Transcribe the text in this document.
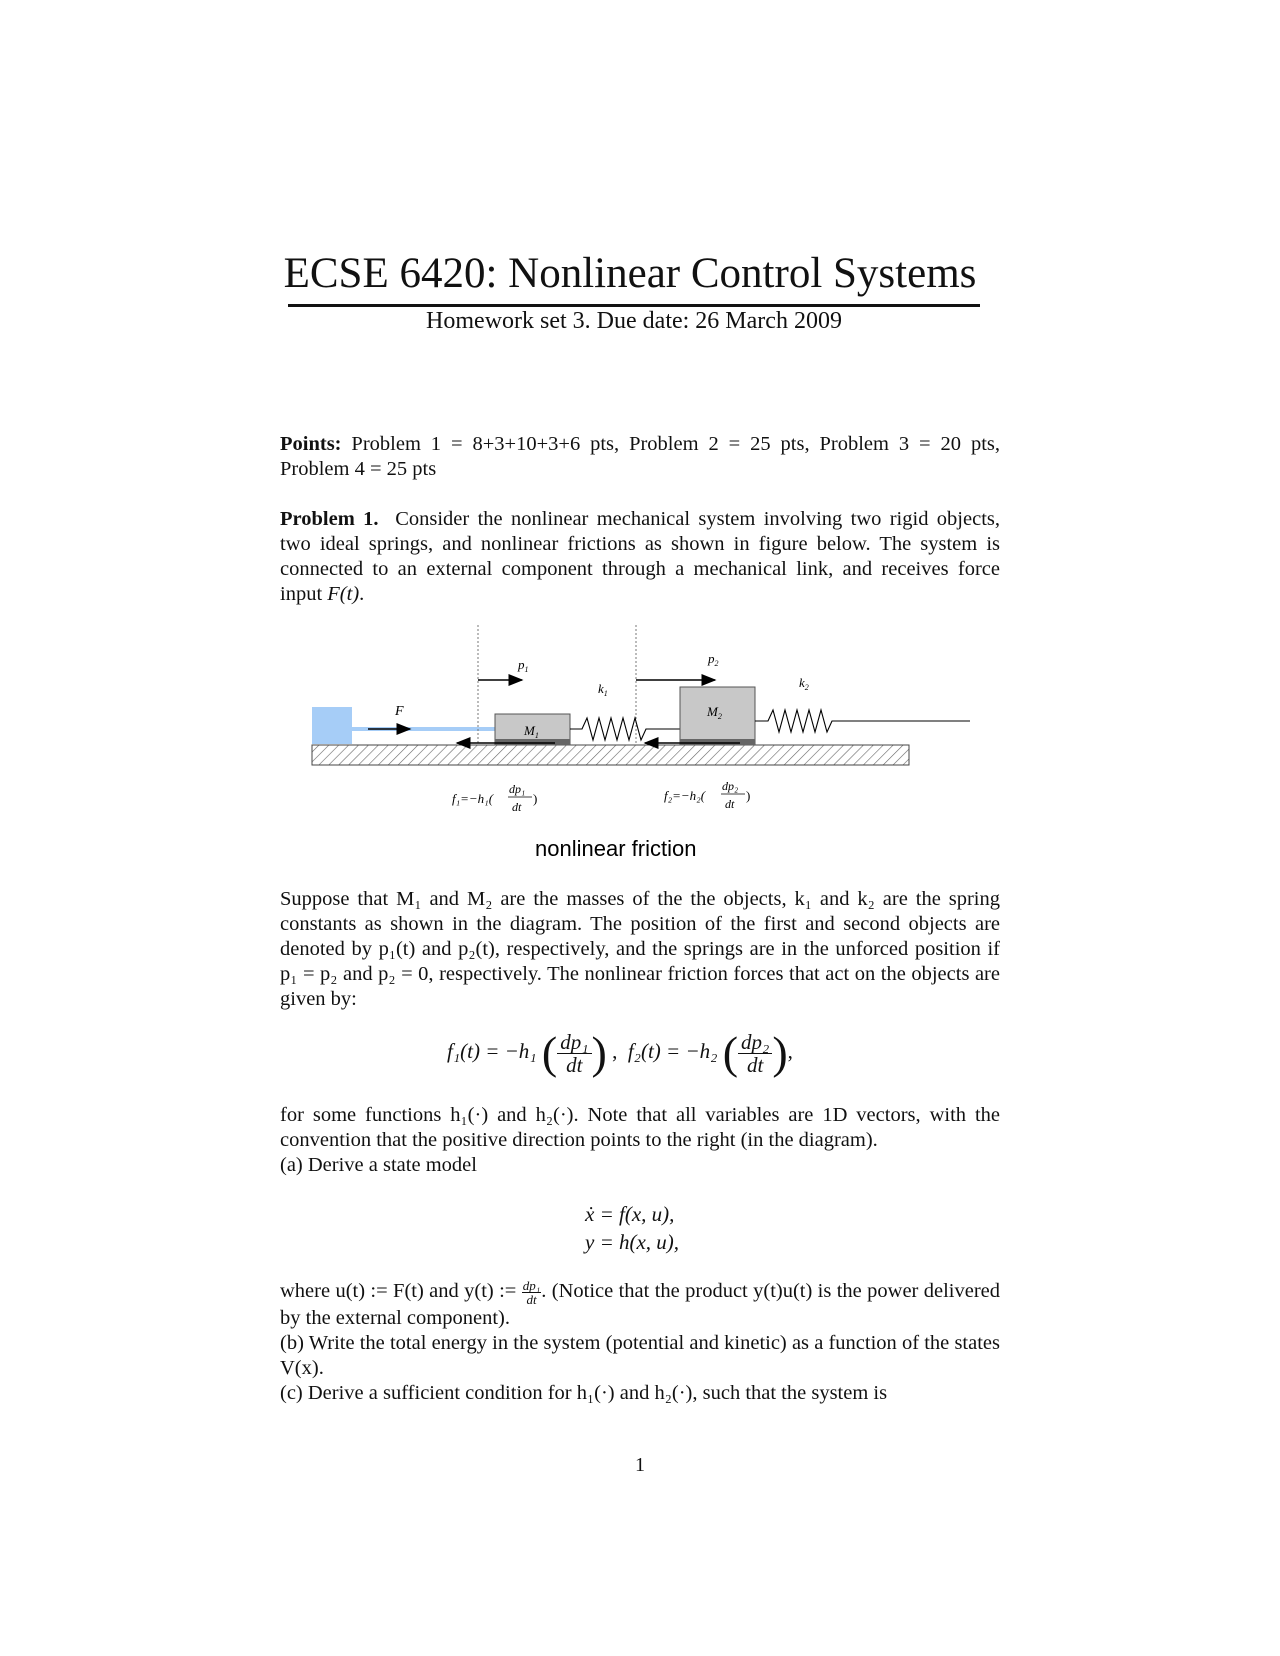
ECSE 6420: Nonlinear Control Systems
Homework set 3. Due date: 26 March 2009

Points: Problem 1 = 8+3+10+3+6 pts, Problem 2 = 25 pts, Problem 3 = 20 pts, Problem 4 = 25 pts

Problem 1. Consider the nonlinear mechanical system involving two rigid objects, two ideal springs, and nonlinear frictions as shown in figure below. The system is connected to an external component through a mechanical link, and receives force input F(t).

F
$p_1$
$p_2$
$M_1$
$k_1$
$M_2$
$k_2$
f₁=−h₁(
dp₁
dt
)	f₂=−h₂(
dp₂
dt
)
nonlinear friction

Suppose that M₁ and M₂ are the masses of the the objects, k₁ and k₂ are the spring constants as shown in the diagram. The position of the first and second objects are denoted by p₁(t) and p₂(t), respectively, and the springs are in the unforced position if p₁ = p₂ and p₂ = 0, respectively. The nonlinear friction forces that act on the objects are given by:

f₁(t) = −h₁ ( $\frac{\text{dp₁}}{dt}$ ) , f₂(t) = −h₂ ( $\frac{\text{dp₂}}{dt}$ ),

for some functions h₁(·) and h₂(·). Note that all variables are 1D vectors, with the convention that the positive direction points to the right (in the diagram).
(a) Derive a state model

ẋ = f(x, u),
y = h(x, u),

where u(t) := F(t) and y(t) := $\frac{\text{dp₁}}{dt}$ . (Notice that the product y(t)u(t) is the power delivered by the external component).
(b) Write the total energy in the system (potential and kinetic) as a function of the states V(x).
(c) Derive a sufficient condition for h₁(·) and h₂(·), such that the system is

1
